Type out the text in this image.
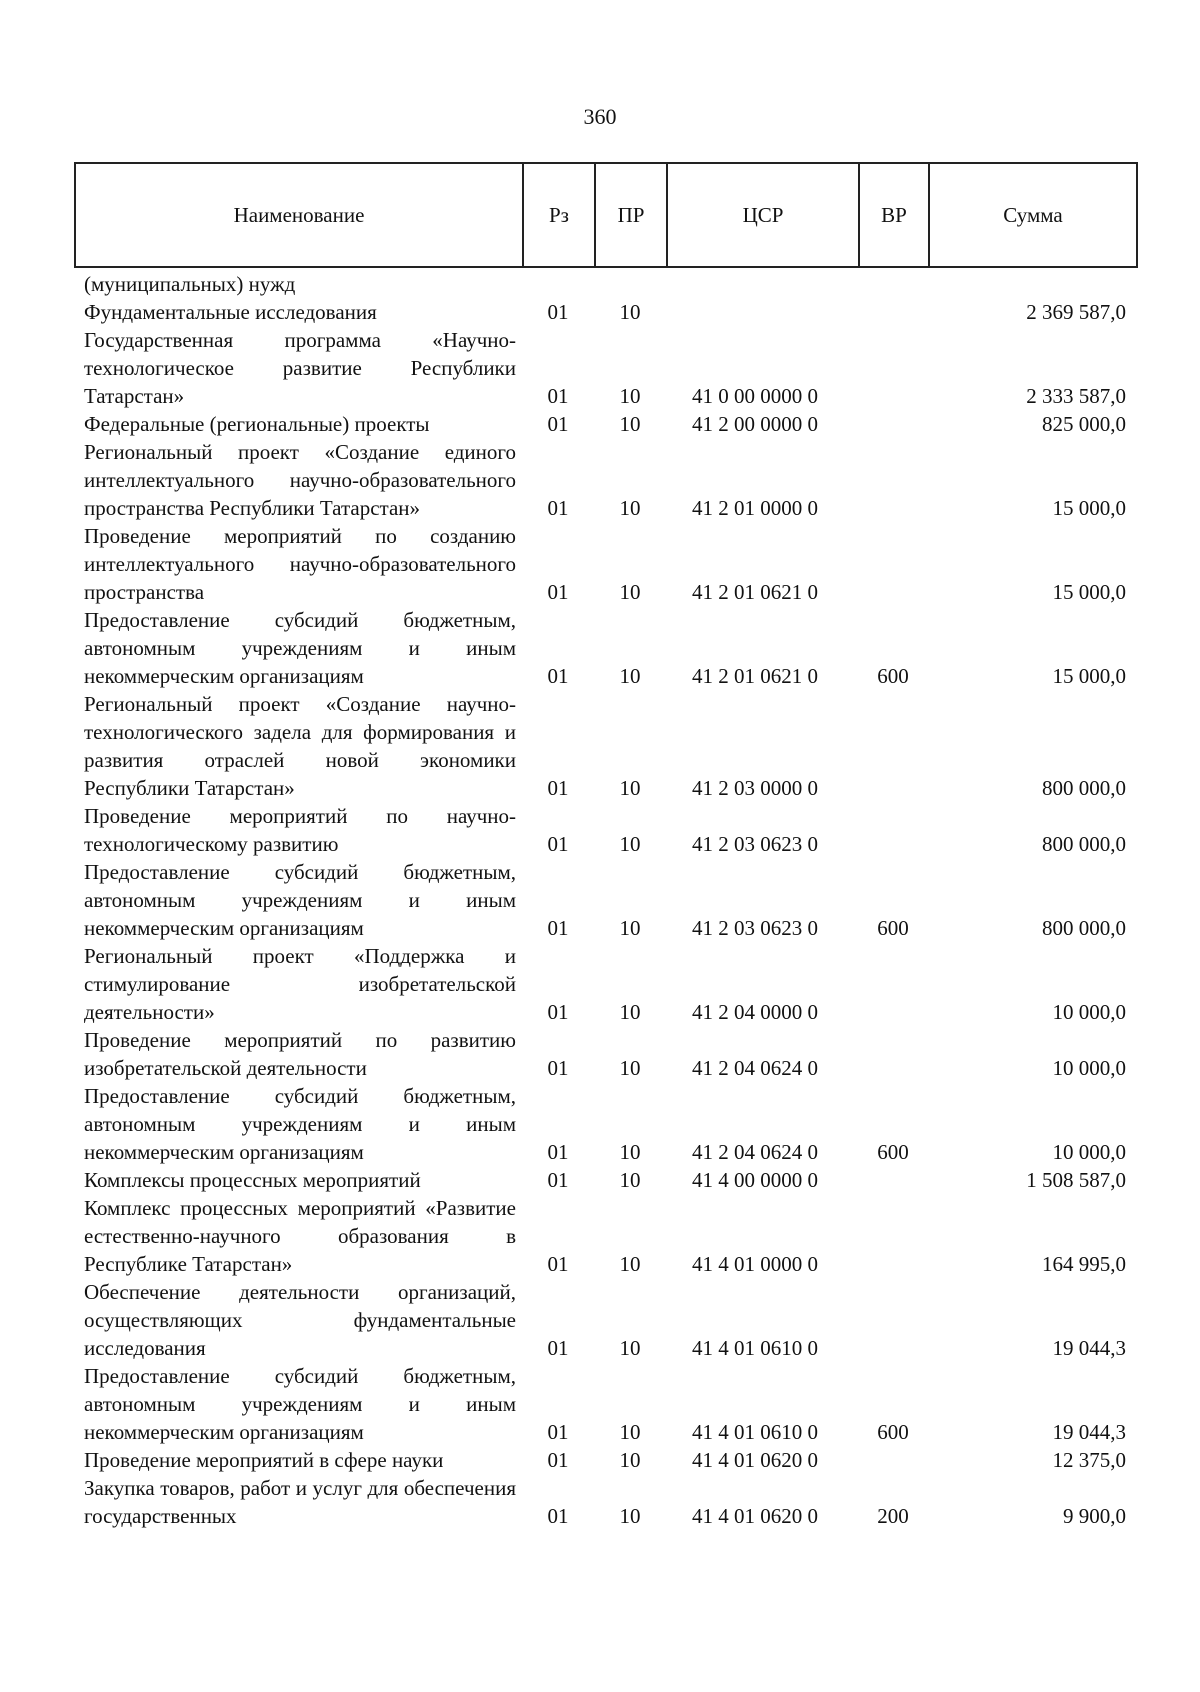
360
Наименование	Рз	ПР	ЦСР	ВР	Сумма
(муниципальных) нужд					
Фундаментальные исследования	01	10			2 369 587,0
Государственная программа «Научно-технологическое развитие Республики Татарстан»	01	10	41 0 00 0000 0		2 333 587,0
Федеральные (региональные) проекты	01	10	41 2 00 0000 0		825 000,0
Региональный проект «Создание единого интеллектуального научно-образовательного пространства Республики Татарстан»	01	10	41 2 01 0000 0		15 000,0
Проведение мероприятий по созданию интеллектуального научно-образовательного пространства	01	10	41 2 01 0621 0		15 000,0
Предоставление субсидий бюджетным, автономным учреждениям и иным некоммерческим организациям	01	10	41 2 01 0621 0	600	15 000,0
Региональный проект «Создание научно-технологического задела для формирования и развития отраслей новой экономики Республики Татарстан»	01	10	41 2 03 0000 0		800 000,0
Проведение мероприятий по научно-технологическому развитию	01	10	41 2 03 0623 0		800 000,0
Предоставление субсидий бюджетным, автономным учреждениям и иным некоммерческим организациям	01	10	41 2 03 0623 0	600	800 000,0
Региональный проект «Поддержка и стимулирование изобретательской деятельности»	01	10	41 2 04 0000 0		10 000,0
Проведение мероприятий по развитию изобретательской деятельности	01	10	41 2 04 0624 0		10 000,0
Предоставление субсидий бюджетным, автономным учреждениям и иным некоммерческим организациям	01	10	41 2 04 0624 0	600	10 000,0
Комплексы процессных мероприятий	01	10	41 4 00 0000 0		1 508 587,0
Комплекс процессных мероприятий «Развитие естественно-научного образования в Республике Татарстан»	01	10	41 4 01 0000 0		164 995,0
Обеспечение деятельности организаций, осуществляющих фундаментальные исследования	01	10	41 4 01 0610 0		19 044,3
Предоставление субсидий бюджетным, автономным учреждениям и иным некоммерческим организациям	01	10	41 4 01 0610 0	600	19 044,3
Проведение мероприятий в сфере науки	01	10	41 4 01 0620 0		12 375,0
Закупка товаров, работ и услуг для обеспечения государственных	01	10	41 4 01 0620 0	200	9 900,0
